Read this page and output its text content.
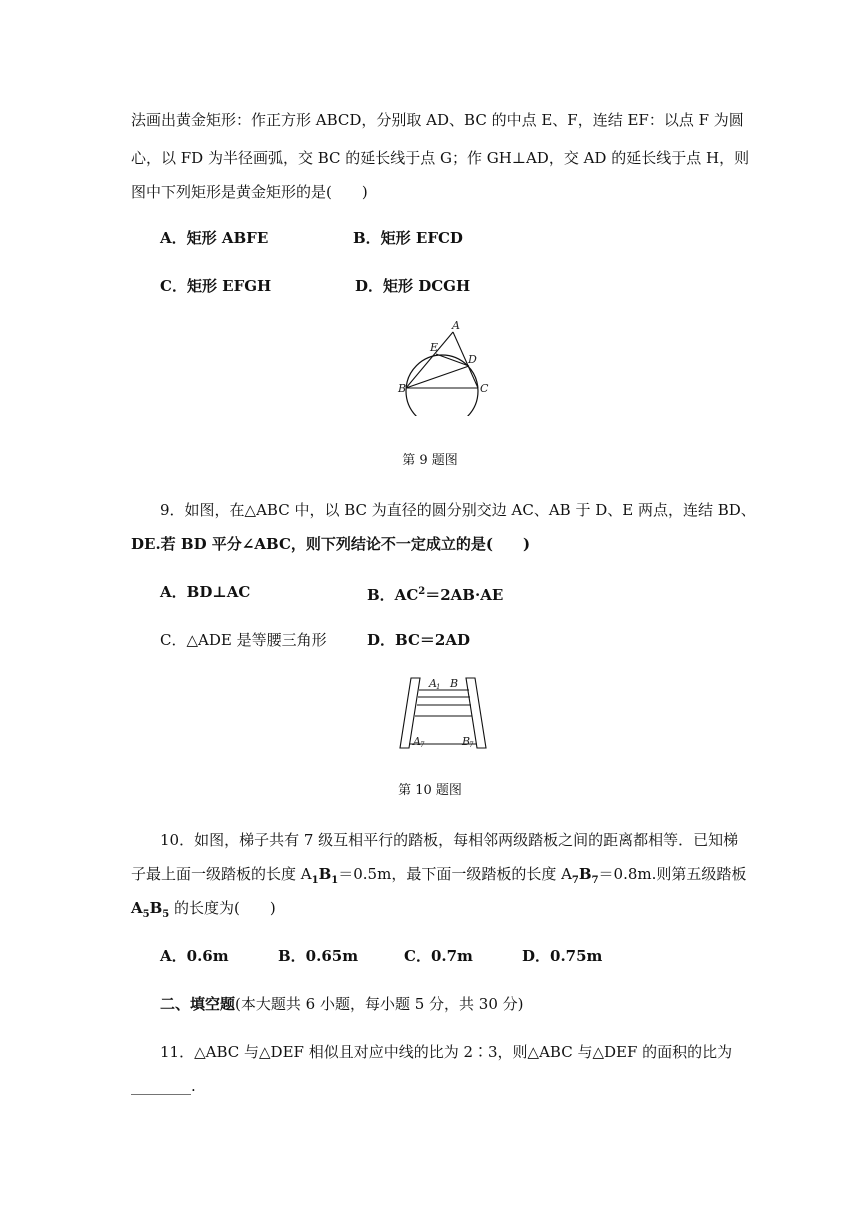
法画出黄金矩形：作正方形 ABCD，分别取 AD、BC 的中点 E、F，连结 EF：以点 F 为圆
心，以 FD 为半径画弧，交 BC 的延长线于点 G；作 GH⊥AD，交 AD 的延长线于点 H，则
图中下列矩形是黄金矩形的是(　　)
A．矩形 ABFE	B．矩形 EFCD
C．矩形 EFGH	D．矩形 DCGH
A
E
D
B	C
第 9 题图
9．如图，在△ABC 中，以 BC 为直径的圆分别交边 AC、AB 于 D、E 两点，连结 BD、
DE.若 BD 平分∠ABC，则下列结论不一定成立的是(　　)
A．BD⊥AC	B．$AC^2=2AB\cdot AE$
C．△ADE 是等腰三角形	D．BC＝2AD
A 1 B
A 7	B
7
第 10 题图
10．如图，梯子共有 7 级互相平行的踏板，每相邻两级踏板之间的距离都相等．已知梯
子最上面一级踏板的长度 $A_1B_1=0.5m$，最下面一级踏板的长度 $A_7B_7=0.8m$.则第五级踏板
$A_5B_5$ 的长度为(　　)
A．0.6m	B．0.65m	C．0.7m	D．0.75m
二、填空题(本大题共 6 小题，每小题 5 分，共 30 分)
11．△ABC 与△DEF 相似且对应中线的比为 2∶3，则△ABC 与△DEF 的面积的比为
________.
